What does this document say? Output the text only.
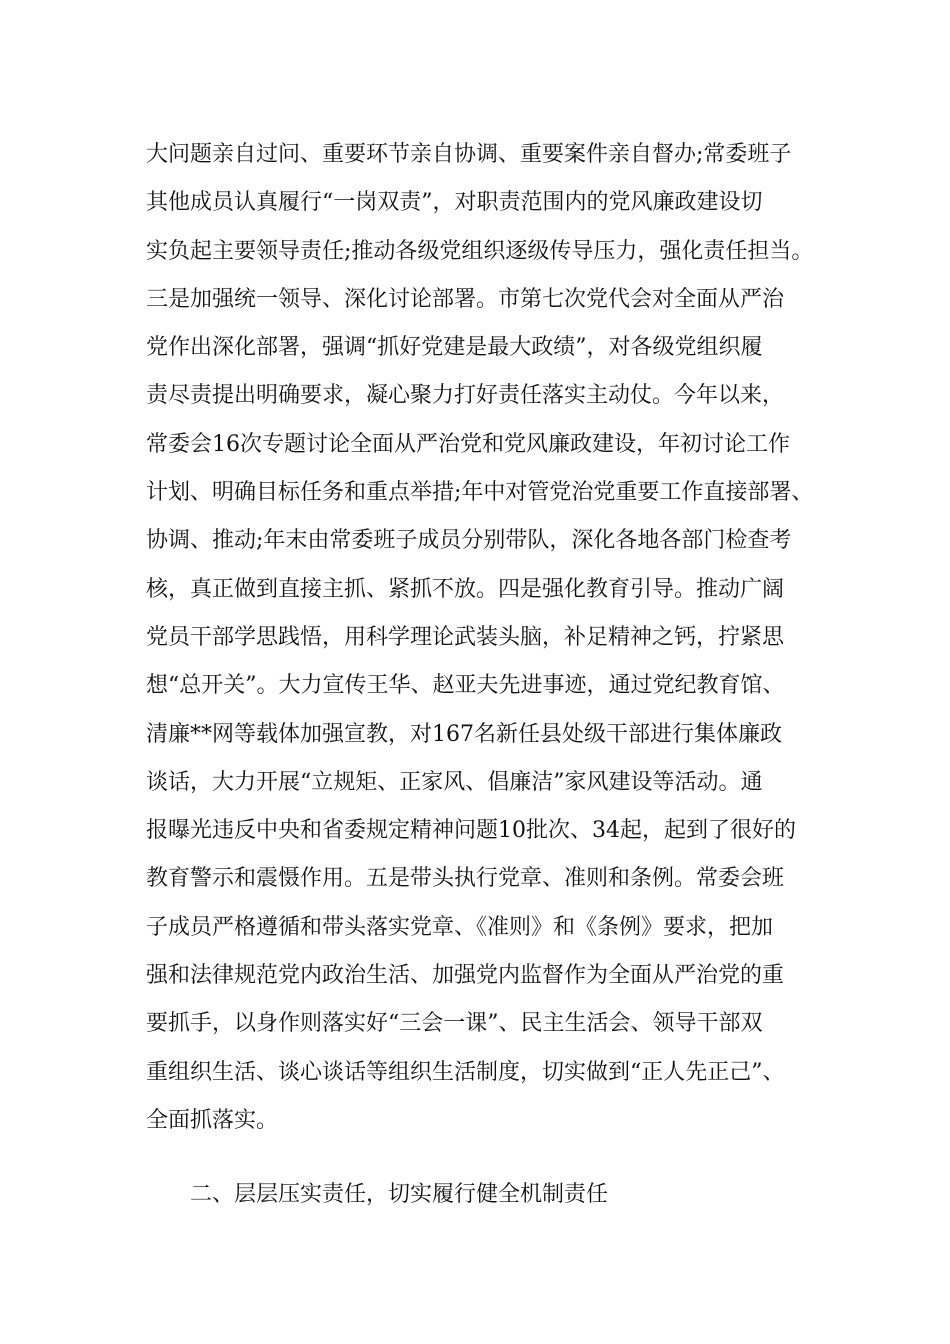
大问题亲自过问、重要环节亲自协调、重要案件亲自督办;常委班子
其他成员认真履行“一岗双责”，对职责范围内的党风廉政建设切
实负起主要领导责任;推动各级党组织逐级传导压力，强化责任担当。
三是加强统一领导、深化讨论部署。市第七次党代会对全面从严治
党作出深化部署，强调“抓好党建是最大政绩”，对各级党组织履
责尽责提出明确要求，凝心聚力打好责任落实主动仗。今年以来，
常委会16次专题讨论全面从严治党和党风廉政建设，年初讨论工作
计划、明确目标任务和重点举措;年中对管党治党重要工作直接部署、
协调、推动;年末由常委班子成员分别带队，深化各地各部门检查考
核，真正做到直接主抓、紧抓不放。四是强化教育引导。推动广阔
党员干部学思践悟，用科学理论武装头脑，补足精神之钙，拧紧思
想“总开关”。大力宣传王华、赵亚夫先进事迹，通过党纪教育馆、
清廉**网等载体加强宣教，对167名新任县处级干部进行集体廉政
谈话，大力开展“立规矩、正家风、倡廉洁”家风建设等活动。通
报曝光违反中央和省委规定精神问题10批次、34起，起到了很好的
教育警示和震慑作用。五是带头执行党章、准则和条例。常委会班
子成员严格遵循和带头落实党章、《准则》和《条例》要求，把加
强和法律规范党内政治生活、加强党内监督作为全面从严治党的重
要抓手，以身作则落实好“三会一课”、民主生活会、领导干部双
重组织生活、谈心谈话等组织生活制度，切实做到“正人先正己”、
全面抓落实。
二、层层压实责任，切实履行健全机制责任
